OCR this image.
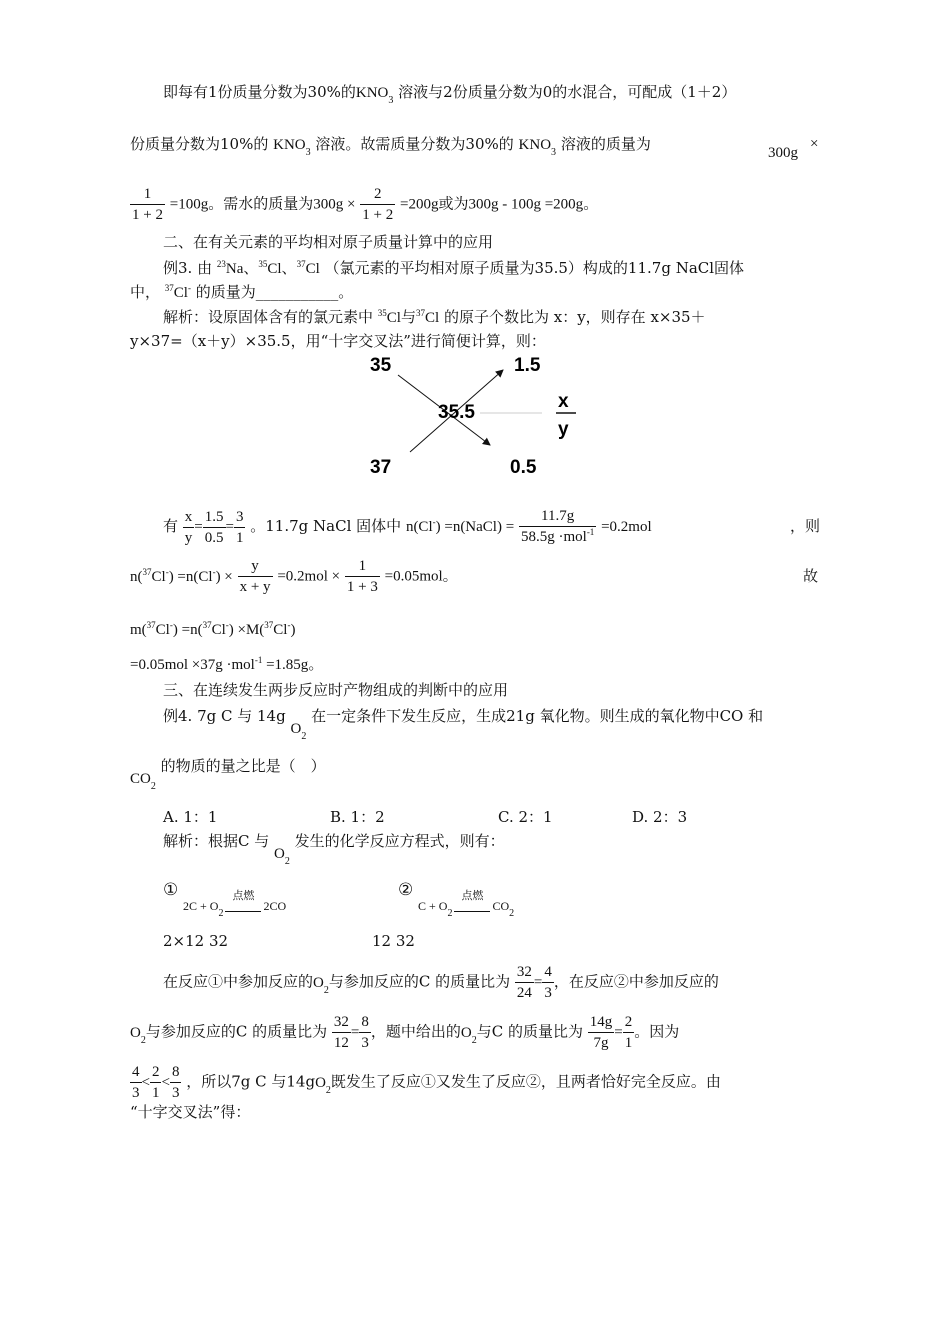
即每有1份质量分数为30%的$KNO_3$ 溶液与2份质量分数为0的水混合，可配成（1＋2）
份质量分数为10%的 $KNO_3$ 溶液。故需质量分数为30%的 $KNO_3$ 溶液的质量为	300g
×
$\frac{1}{1 + 2} =100g$。需水的质量为$300g \times \frac{2}{1 + 2} =200g$或为300g - 100g =200g。
二、在有关元素的平均相对原子质量计算中的应用
例3. 由 $^{23}$Na、$^{35}$Cl、$^{37}$Cl （氯元素的平均相对原子质量为35.5）构成的11.7g NaCl固体
中， $^{37}$Cl- 的质量为___________。
解析：设原固体含有的氯元素中 $^{35}$Cl与$^{37}$Cl 的原子个数比为 x：y，则存在 x×35＋
y×37=（x＋y）×35.5，用“十字交叉法”进行简便计算，则：
35
37
35.5
1.5
0.5
x
y
有 $\frac{x}{y} = \frac{1.5}{0.5} = \frac{3}{1}$ 。11.7g NaCl 固体中 n(Cl-) =n(NaCl) = $\frac{11.7g}{58.5g \cdot mol^{-1}} =0.2mol$	，则
$n(^{37}Cl^-) =n(Cl^-) \times \frac{y}{x + y} =0.2mol \times \frac{1}{1 + 3} =0.05mol$。	故
m($^{37}$Cl-) =n($^{37}$Cl-) ×M($^{37}$Cl-)
=0.05mol ×37g ·mol$^{-1}$ =1.85g。
三、在连续发生两步反应时产物组成的判断中的应用
例4. 7g C 与 14g $O_2$ 在一定条件下发生反应，生成21g 氧化物。则生成的氧化物中CO 和
$CO_2$ 的物质的量之比是（　）
A. 1：1	B. 1：2	C. 2：1	D. 2：3
解析：根据C 与 $O_2$ 发生的化学反应方程式，则有：
①
$2C + O_2$
点燃
2CO
②
$C + O_2$
点燃
$CO_2$
2×12 32	12 32
在反应①中参加反应的$O_2$与参加反应的C 的质量比为 $\frac{32}{24} = \frac{4}{3}$ ，在反应②中参加反应的
$O_2$与参加反应的C 的质量比为 $\frac{32}{12} = \frac{8}{3}$ ，题中给出的$O_2$与C 的质量比为 $\frac{14g}{7g} = \frac{2}{1}$ 。因为
$\frac{4}{3} < \frac{2}{1} < \frac{8}{3}$ ，所以7g C 与$14gO_2$既发生了反应①又发生了反应②，且两者恰好完全反应。由
“十字交叉法”得：
